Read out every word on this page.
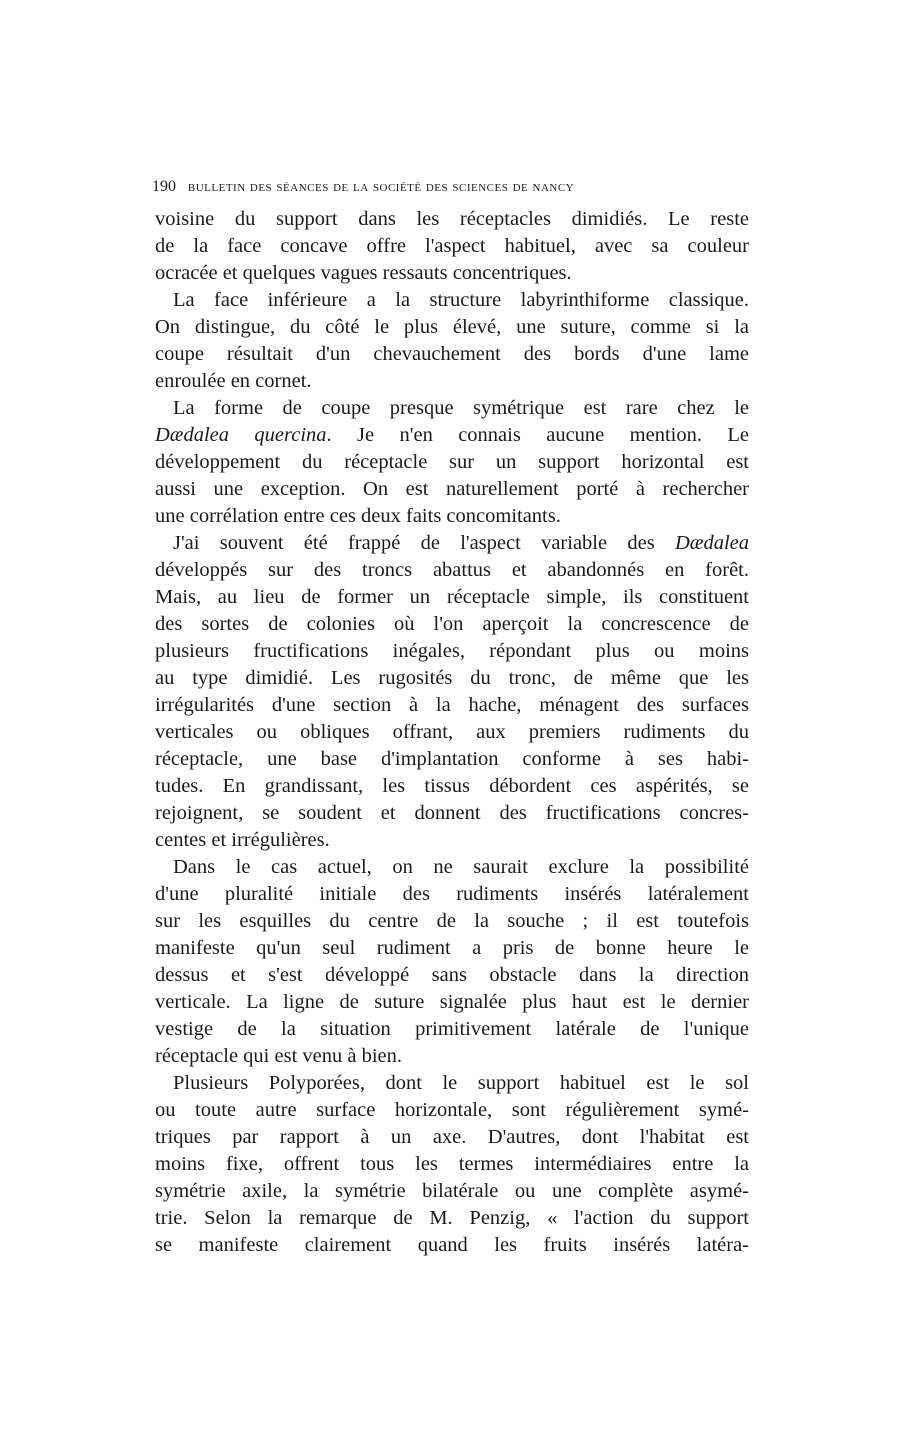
190 bulletin des séances de la société des sciences de nancy
voisine du support dans les réceptacles dimidiés. Le reste
de la face concave offre l'aspect habituel, avec sa couleur
ocracée et quelques vagues ressauts concentriques.
La face inférieure a la structure labyrinthiforme classique.
On distingue, du côté le plus élevé, une suture, comme si la
coupe résultait d'un chevauchement des bords d'une lame
enroulée en cornet.
La forme de coupe presque symétrique est rare chez le
Dædalea quercina. Je n'en connais aucune mention. Le
développement du réceptacle sur un support horizontal est
aussi une exception. On est naturellement porté à rechercher
une corrélation entre ces deux faits concomitants.
J'ai souvent été frappé de l'aspect variable des Dædalea
développés sur des troncs abattus et abandonnés en forêt.
Mais, au lieu de former un réceptacle simple, ils constituent
des sortes de colonies où l'on aperçoit la concrescence de
plusieurs fructifications inégales, répondant plus ou moins
au type dimidié. Les rugosités du tronc, de même que les
irrégularités d'une section à la hache, ménagent des surfaces
verticales ou obliques offrant, aux premiers rudiments du
réceptacle, une base d'implantation conforme à ses habi-
tudes. En grandissant, les tissus débordent ces aspérités, se
rejoignent, se soudent et donnent des fructifications concres-
centes et irrégulières.
Dans le cas actuel, on ne saurait exclure la possibilité
d'une pluralité initiale des rudiments insérés latéralement
sur les esquilles du centre de la souche ; il est toutefois
manifeste qu'un seul rudiment a pris de bonne heure le
dessus et s'est développé sans obstacle dans la direction
verticale. La ligne de suture signalée plus haut est le dernier
vestige de la situation primitivement latérale de l'unique
réceptacle qui est venu à bien.
Plusieurs Polyporées, dont le support habituel est le sol
ou toute autre surface horizontale, sont régulièrement symé-
triques par rapport à un axe. D'autres, dont l'habitat est
moins fixe, offrent tous les termes intermédiaires entre la
symétrie axile, la symétrie bilatérale ou une complète asymé-
trie. Selon la remarque de M. Penzig, « l'action du support
se manifeste clairement quand les fruits insérés latéra-
